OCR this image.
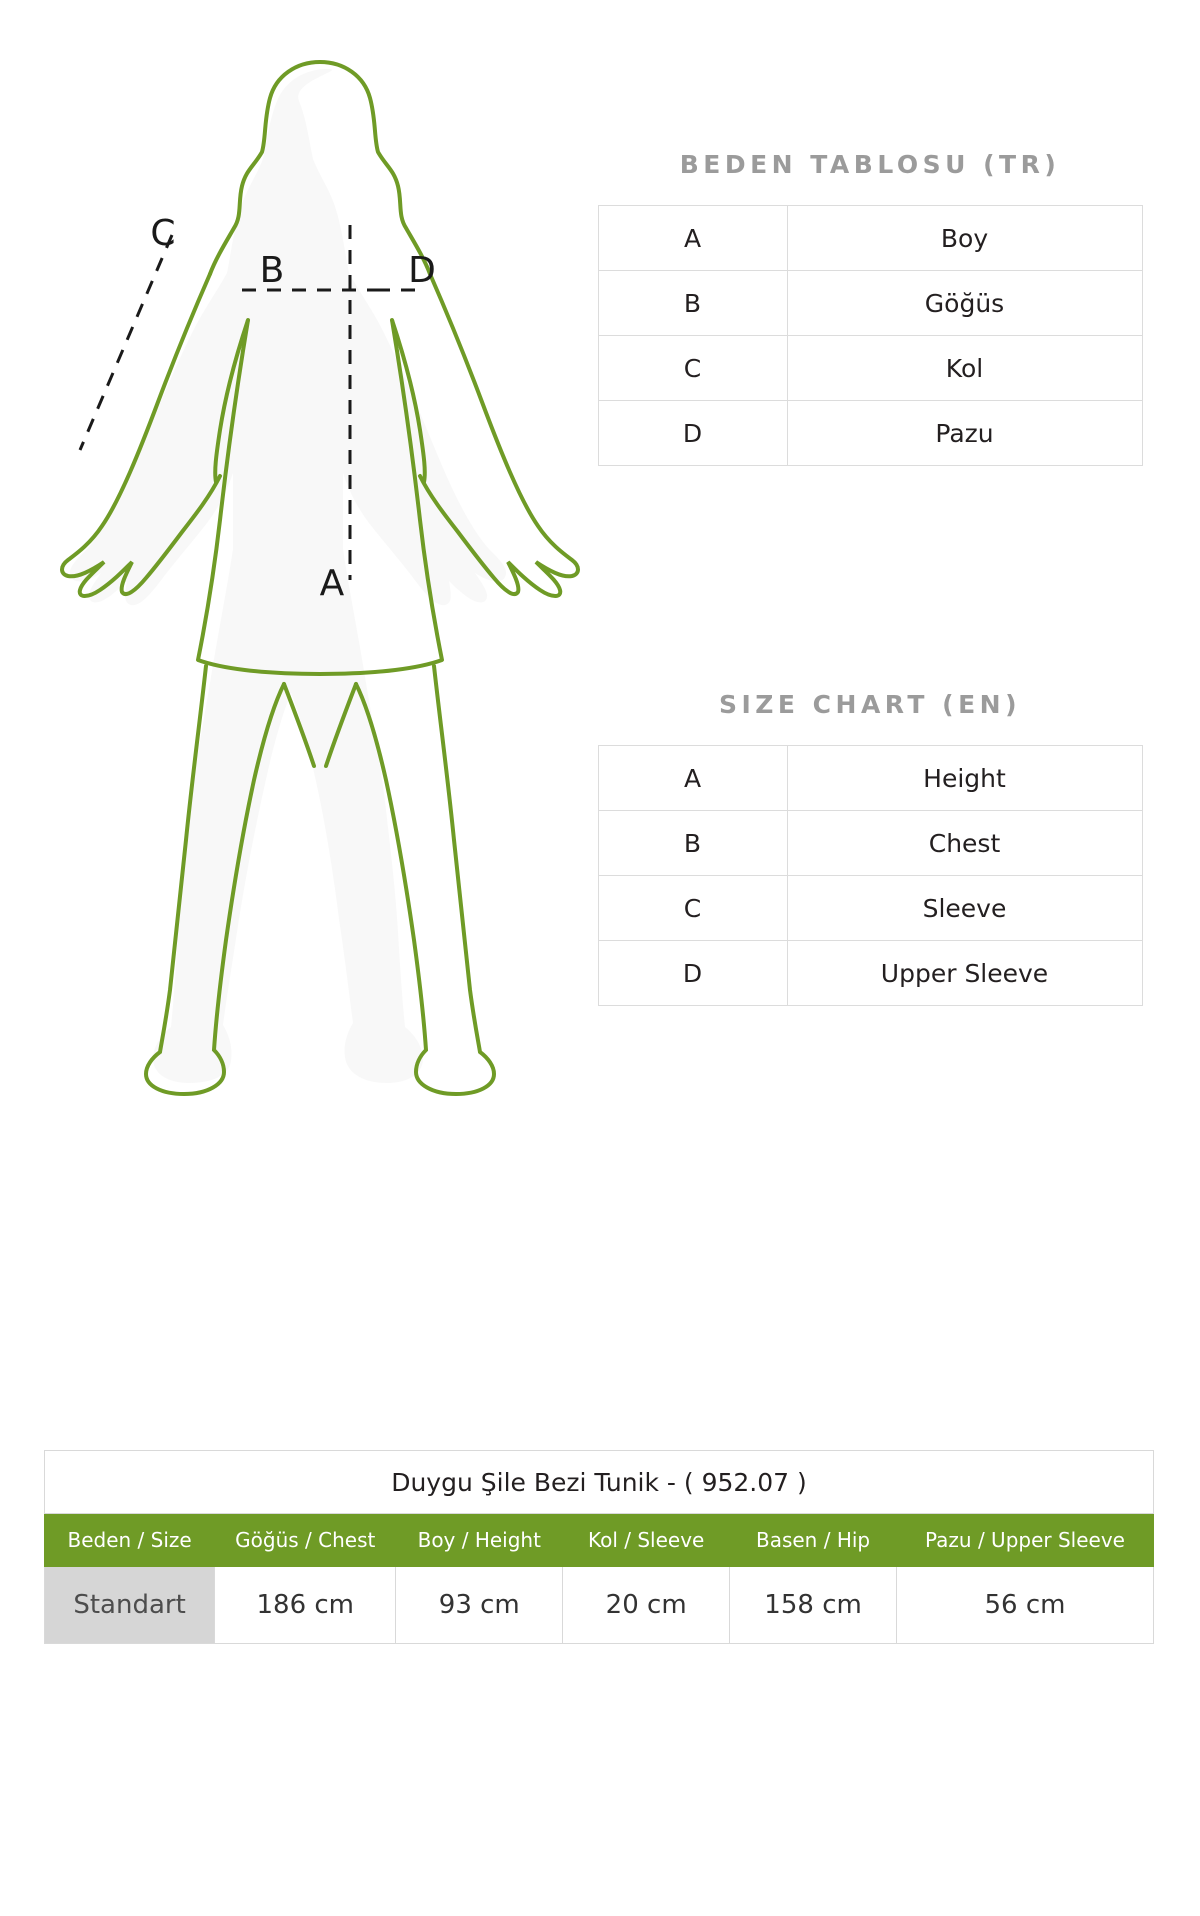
C
B	D
A
BEDEN TABLOSU (TR)
A	Boy
B	Göğüs
C	Kol
D	Pazu
SIZE CHART (EN)
A	Height
B	Chest
C	Sleeve
D	Upper Sleeve
Duygu Şile Bezi Tunik - ( 952.07 )					
Beden / Size	Göğüs / Chest	Boy / Height	Kol / Sleeve	Basen / Hip	Pazu / Upper Sleeve
Standart	186 cm	93 cm	20 cm	158 cm	56 cm
